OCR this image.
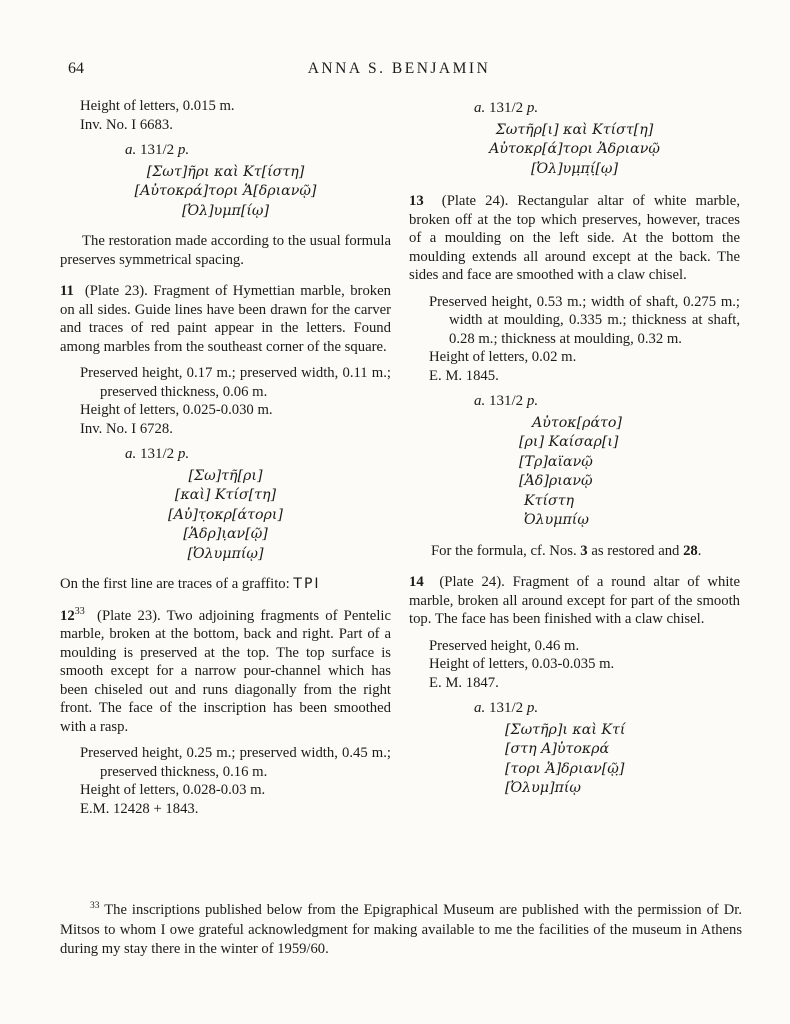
64	ANNA S. BENJAMIN
Height of letters, 0.015 m.
Inv. No. I 6683.
a. 131/2 p.
[Σωτ]ῆρι καὶ Κτ[ίστη]
[Αὐτοκρά]τορι Ἁ[δριανῷ]
[Ὀλ]υμπ[ίῳ]
The restoration made according to the usual formula preserves symmetrical spacing.
11 (Plate 23). Fragment of Hymettian marble, broken on all sides. Guide lines have been drawn for the carver and traces of red paint appear in the letters. Found among marbles from the southeast corner of the square.
Preserved height, 0.17 m.; preserved width, 0.11 m.; preserved thickness, 0.06 m.
Height of letters, 0.025-0.030 m.
Inv. No. I 6728.
a. 131/2 p.
[Σω]τῆ[ρι]
[καὶ] Κτίσ[τη]
[Αὐ]τ̣οκρ[άτορι]
[Ἁδρ]ι̣αν[ῷ]
[Ὀλυμπίῳ]
On the first line are traces of a graffito: ΤΡΙ
$12^{33}$ (Plate 23). Two adjoining fragments of Pentelic marble, broken at the bottom, back and right. Part of a moulding is preserved at the top. The top surface is smooth except for a narrow pour-channel which has been chiseled out and runs diagonally from the right front. The face of the inscription has been smoothed with a rasp.
Preserved height, 0.25 m.; preserved width, 0.45 m.; preserved thickness, 0.16 m.
Height of letters, 0.028-0.03 m.
E.M. 12428 + 1843.
a. 131/2 p.
Σωτῆρ[ι] καὶ Κτίστ[η]
Αὐτοκρ[ά]τορι Ἁδριανῷ
[Ὀλ]υμ̣π̣ί̣[ῳ]
13 (Plate 24). Rectangular altar of white marble, broken off at the top which preserves, however, traces of a moulding on the left side. At the bottom the moulding extends all around except at the back. The sides and face are smoothed with a claw chisel.
Preserved height, 0.53 m.; width of shaft, 0.275 m.; width at moulding, 0.335 m.; thickness at shaft, 0.28 m.; thickness at moulding, 0.32 m.
Height of letters, 0.02 m.
E. M. 1845.
a. 131/2 p.
Αὐτοκ[ράτο]
[ρι] Καίσαρ[ι]
[Τρ]αϊανῷ
[Ἁδ]ριανῷ
Κτίστη
Ὀλυμπίῳ
For the formula, cf. Nos. 3 as restored and 28.
14 (Plate 24). Fragment of a round altar of white marble, broken all around except for part of the smooth top. The face has been finished with a claw chisel.
Preserved height, 0.46 m.
Height of letters, 0.03-0.035 m.
E. M. 1847.
a. 131/2 p.
[Σωτῆρ]ι καὶ Κτί
[στη Α]ὐτοκρά
[τορι Ἁ]δριαν[ῷ̣]
[Ὀλυμ]πίῳ
$^{33}$ The inscriptions published below from the Epigraphical Museum are published with the permission of Dr. Mitsos to whom I owe grateful acknowledgment for making available to me the facilities of the museum in Athens during my stay there in the winter of 1959/60.
